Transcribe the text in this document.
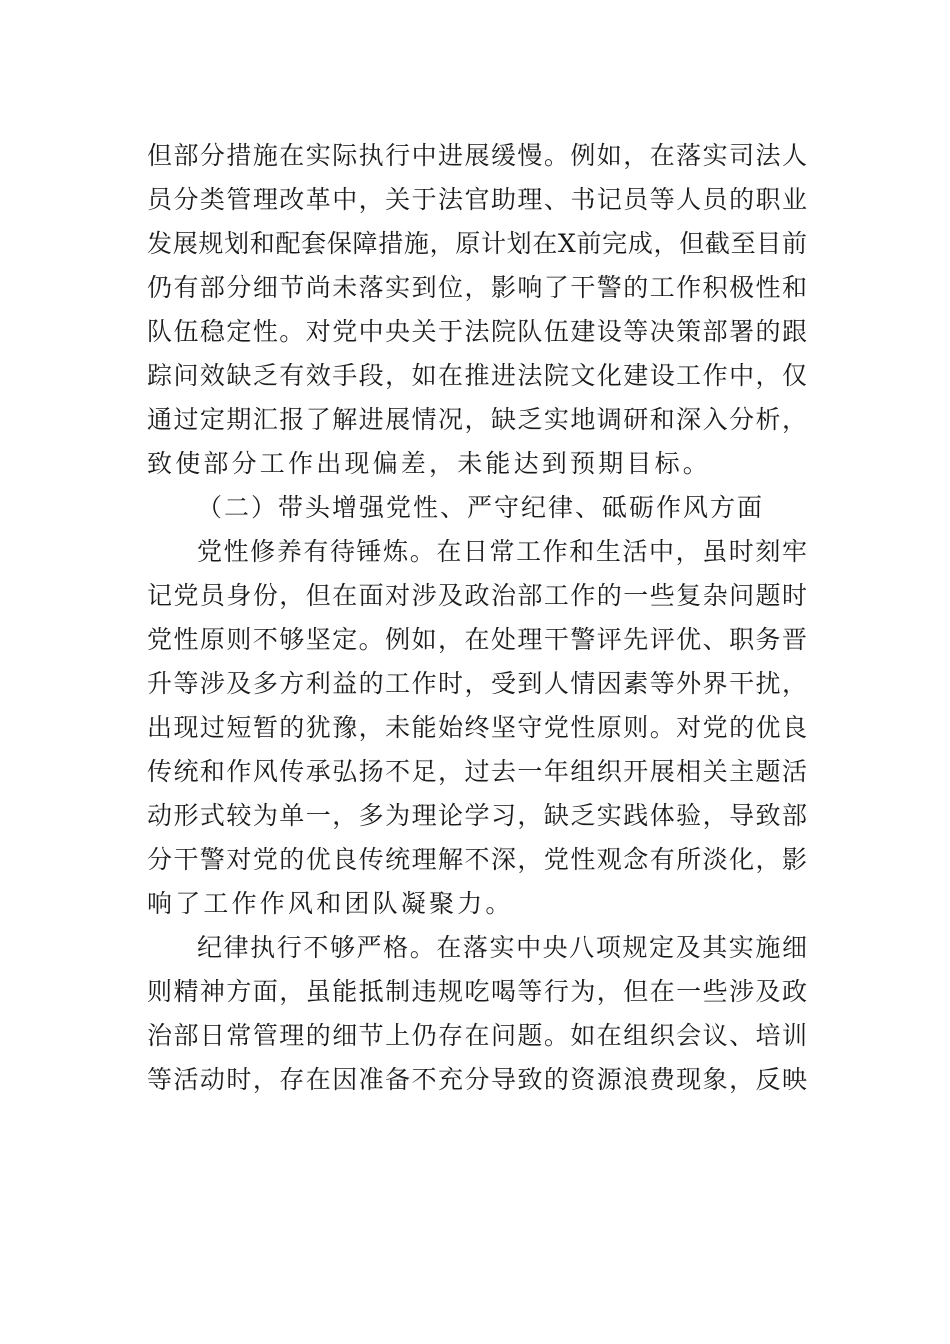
但部分措施在实际执行中进展缓慢。例如，在落实司法人
员分类管理改革中，关于法官助理、书记员等人员的职业
发展规划和配套保障措施，原计划在X前完成，但截至目前
仍有部分细节尚未落实到位，影响了干警的工作积极性和
队伍稳定性。对党中央关于法院队伍建设等决策部署的跟
踪问效缺乏有效手段，如在推进法院文化建设工作中，仅
通过定期汇报了解进展情况，缺乏实地调研和深入分析，
致使部分工作出现偏差，未能达到预期目标。
（二）带头增强党性、严守纪律、砥砺作风方面
党性修养有待锤炼。在日常工作和生活中，虽时刻牢
记党员身份，但在面对涉及政治部工作的一些复杂问题时
党性原则不够坚定。例如，在处理干警评先评优、职务晋
升等涉及多方利益的工作时，受到人情因素等外界干扰，
出现过短暂的犹豫，未能始终坚守党性原则。对党的优良
传统和作风传承弘扬不足，过去一年组织开展相关主题活
动形式较为单一，多为理论学习，缺乏实践体验，导致部
分干警对党的优良传统理解不深，党性观念有所淡化，影
响了工作作风和团队凝聚力。
纪律执行不够严格。在落实中央八项规定及其实施细
则精神方面，虽能抵制违规吃喝等行为，但在一些涉及政
治部日常管理的细节上仍存在问题。如在组织会议、培训
等活动时，存在因准备不充分导致的资源浪费现象，反映
